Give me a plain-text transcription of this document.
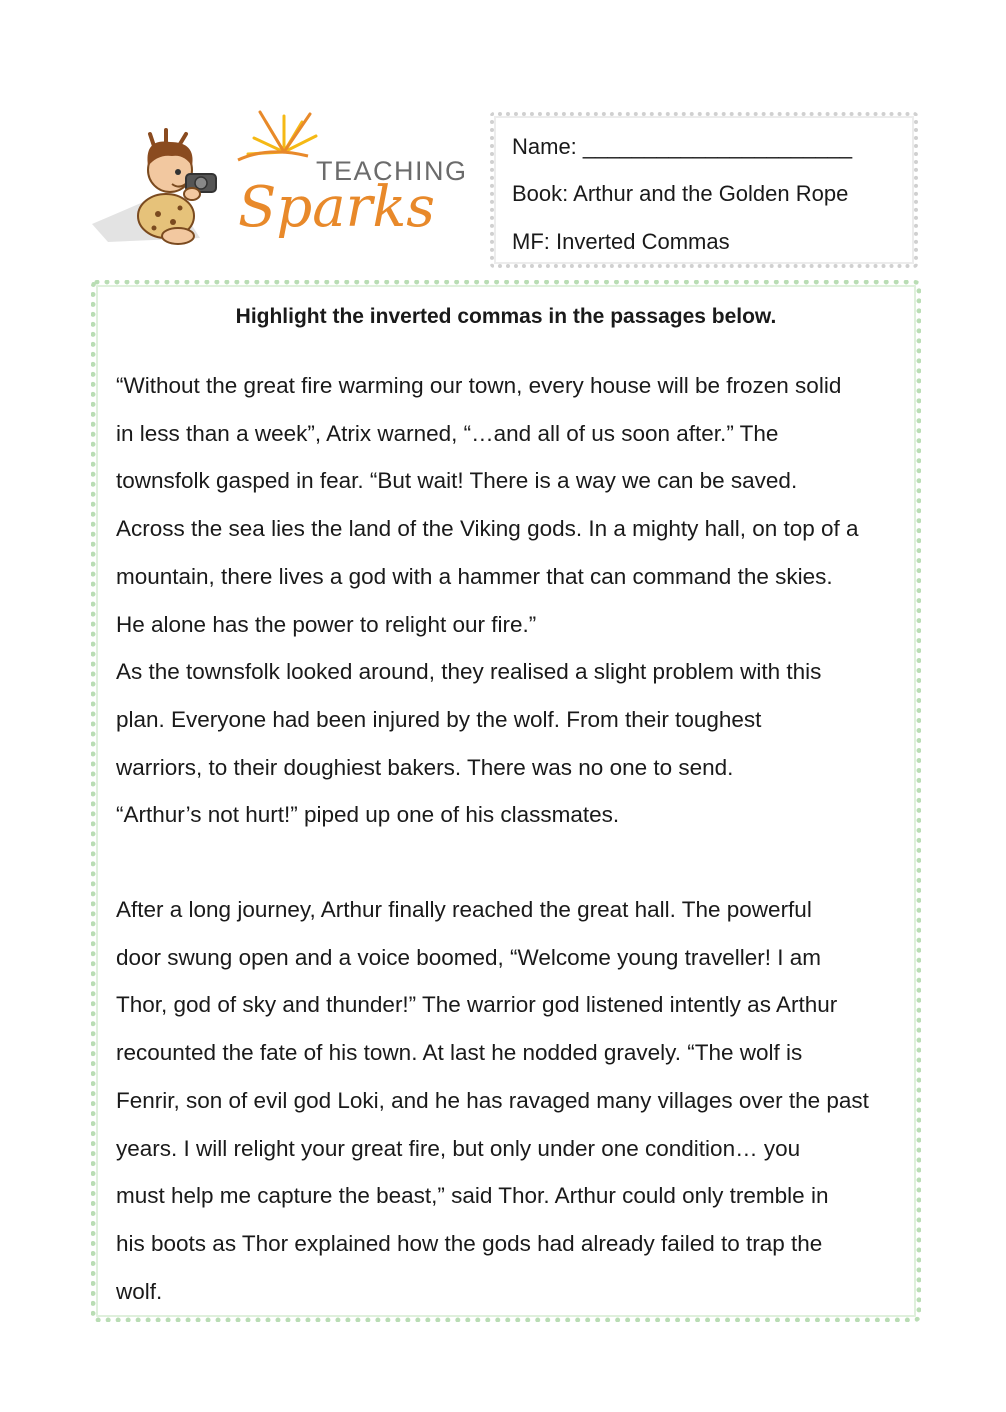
TEACHING
Sparks
Name: ______________________
Book: Arthur and the Golden Rope
MF: Inverted Commas
Highlight the inverted commas in the passages below.

“Without the great fire warming our town, every house will be frozen solid

in less than a week”, Atrix warned, “…and all of us soon after.” The

townsfolk gasped in fear. “But wait! There is a way we can be saved.

Across the sea lies the land of the Viking gods. In a mighty hall, on top of a

mountain, there lives a god with a hammer that can command the skies.

He alone has the power to relight our fire.”

As the townsfolk looked around, they realised a slight problem with this

plan. Everyone had been injured by the wolf. From their toughest

warriors, to their doughiest bakers. There was no one to send.

“Arthur’s not hurt!” piped up one of his classmates.

After a long journey, Arthur finally reached the great hall. The powerful

door swung open and a voice boomed, “Welcome young traveller! I am

Thor, god of sky and thunder!” The warrior god listened intently as Arthur

recounted the fate of his town. At last he nodded gravely. “The wolf is

Fenrir, son of evil god Loki, and he has ravaged many villages over the past

years. I will relight your great fire, but only under one condition… you

must help me capture the beast,” said Thor. Arthur could only tremble in

his boots as Thor explained how the gods had already failed to trap the

wolf.
